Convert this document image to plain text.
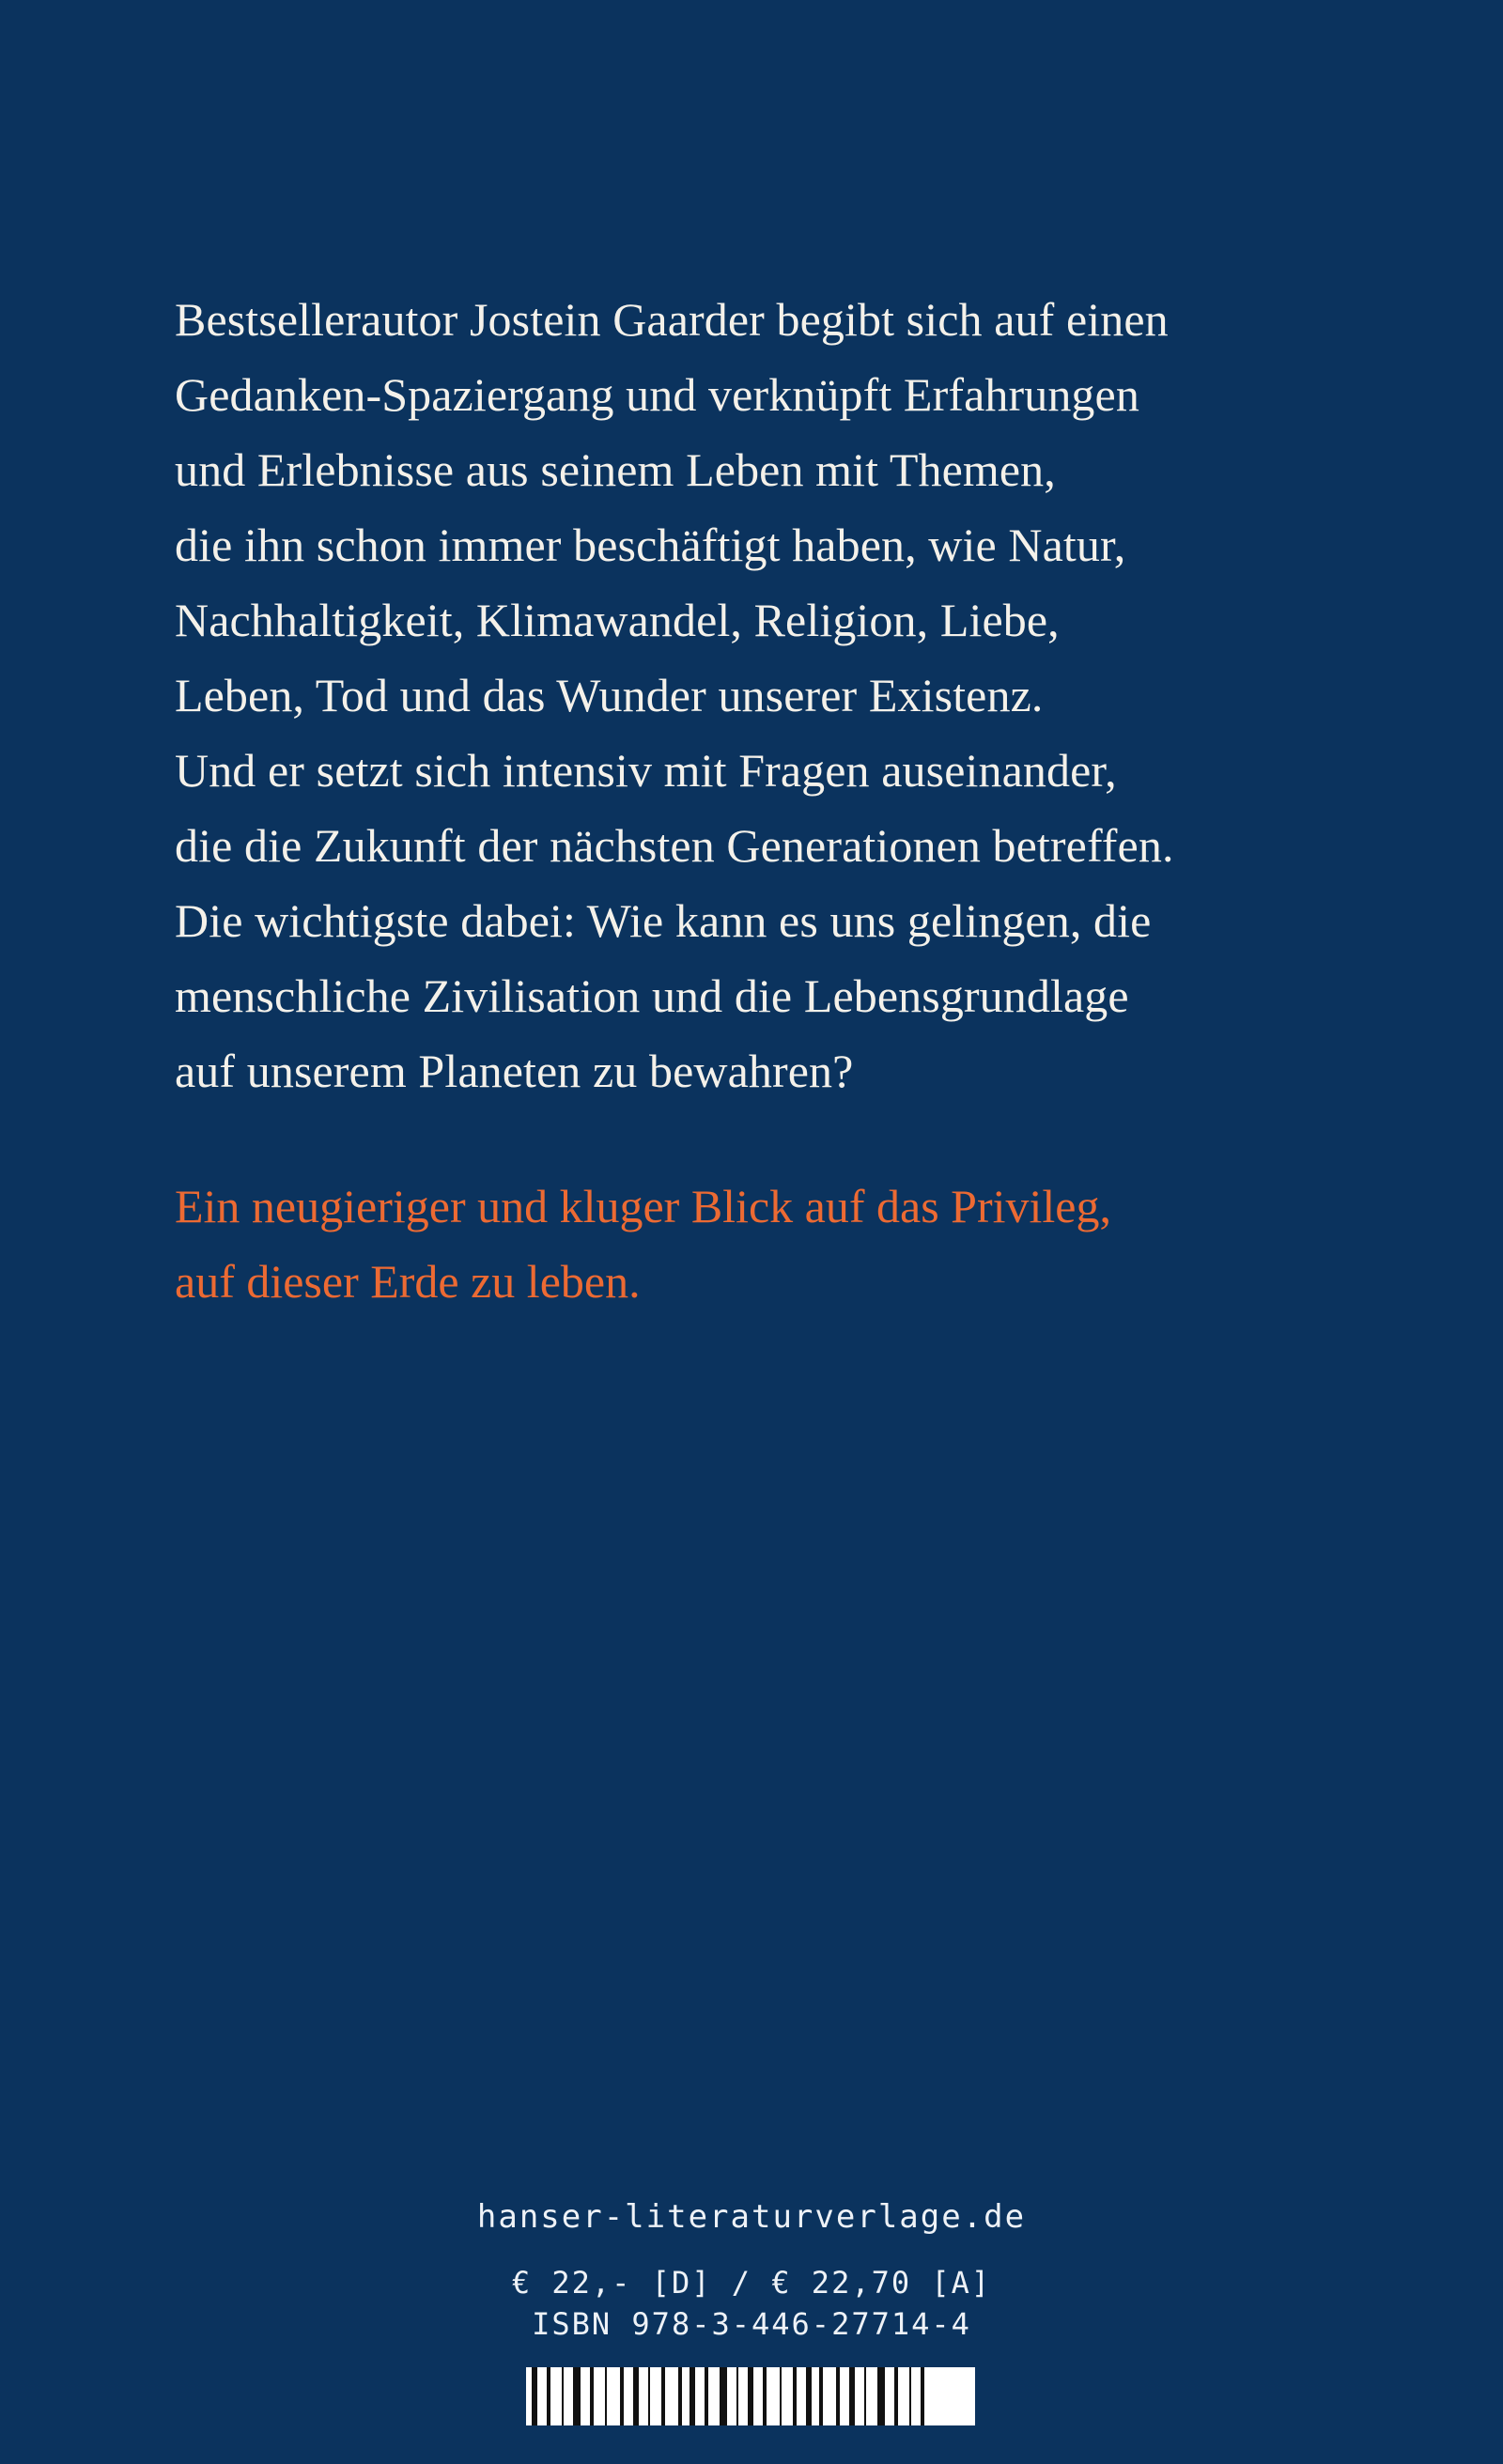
Bestsellerautor Jostein Gaarder begibt sich auf einen
Gedanken-Spaziergang und verknüpft Erfahrungen
und Erlebnisse aus seinem Leben mit Themen,
die ihn schon immer beschäftigt haben, wie Natur,
Nachhaltigkeit, Klimawandel, Religion, Liebe,
Leben, Tod und das Wunder unserer Existenz.
Und er setzt sich intensiv mit Fragen auseinander,
die die Zukunft der nächsten Generationen betreffen.
Die wichtigste dabei: Wie kann es uns gelingen, die
menschliche Zivilisation und die Lebensgrundlage
auf unserem Planeten zu bewahren?
Ein neugieriger und kluger Blick auf das Privileg,
auf dieser Erde zu leben.
hanser-literaturverlage.de
€ 22,- [D] / € 22,70 [A]
ISBN 978-3-446-27714-4
